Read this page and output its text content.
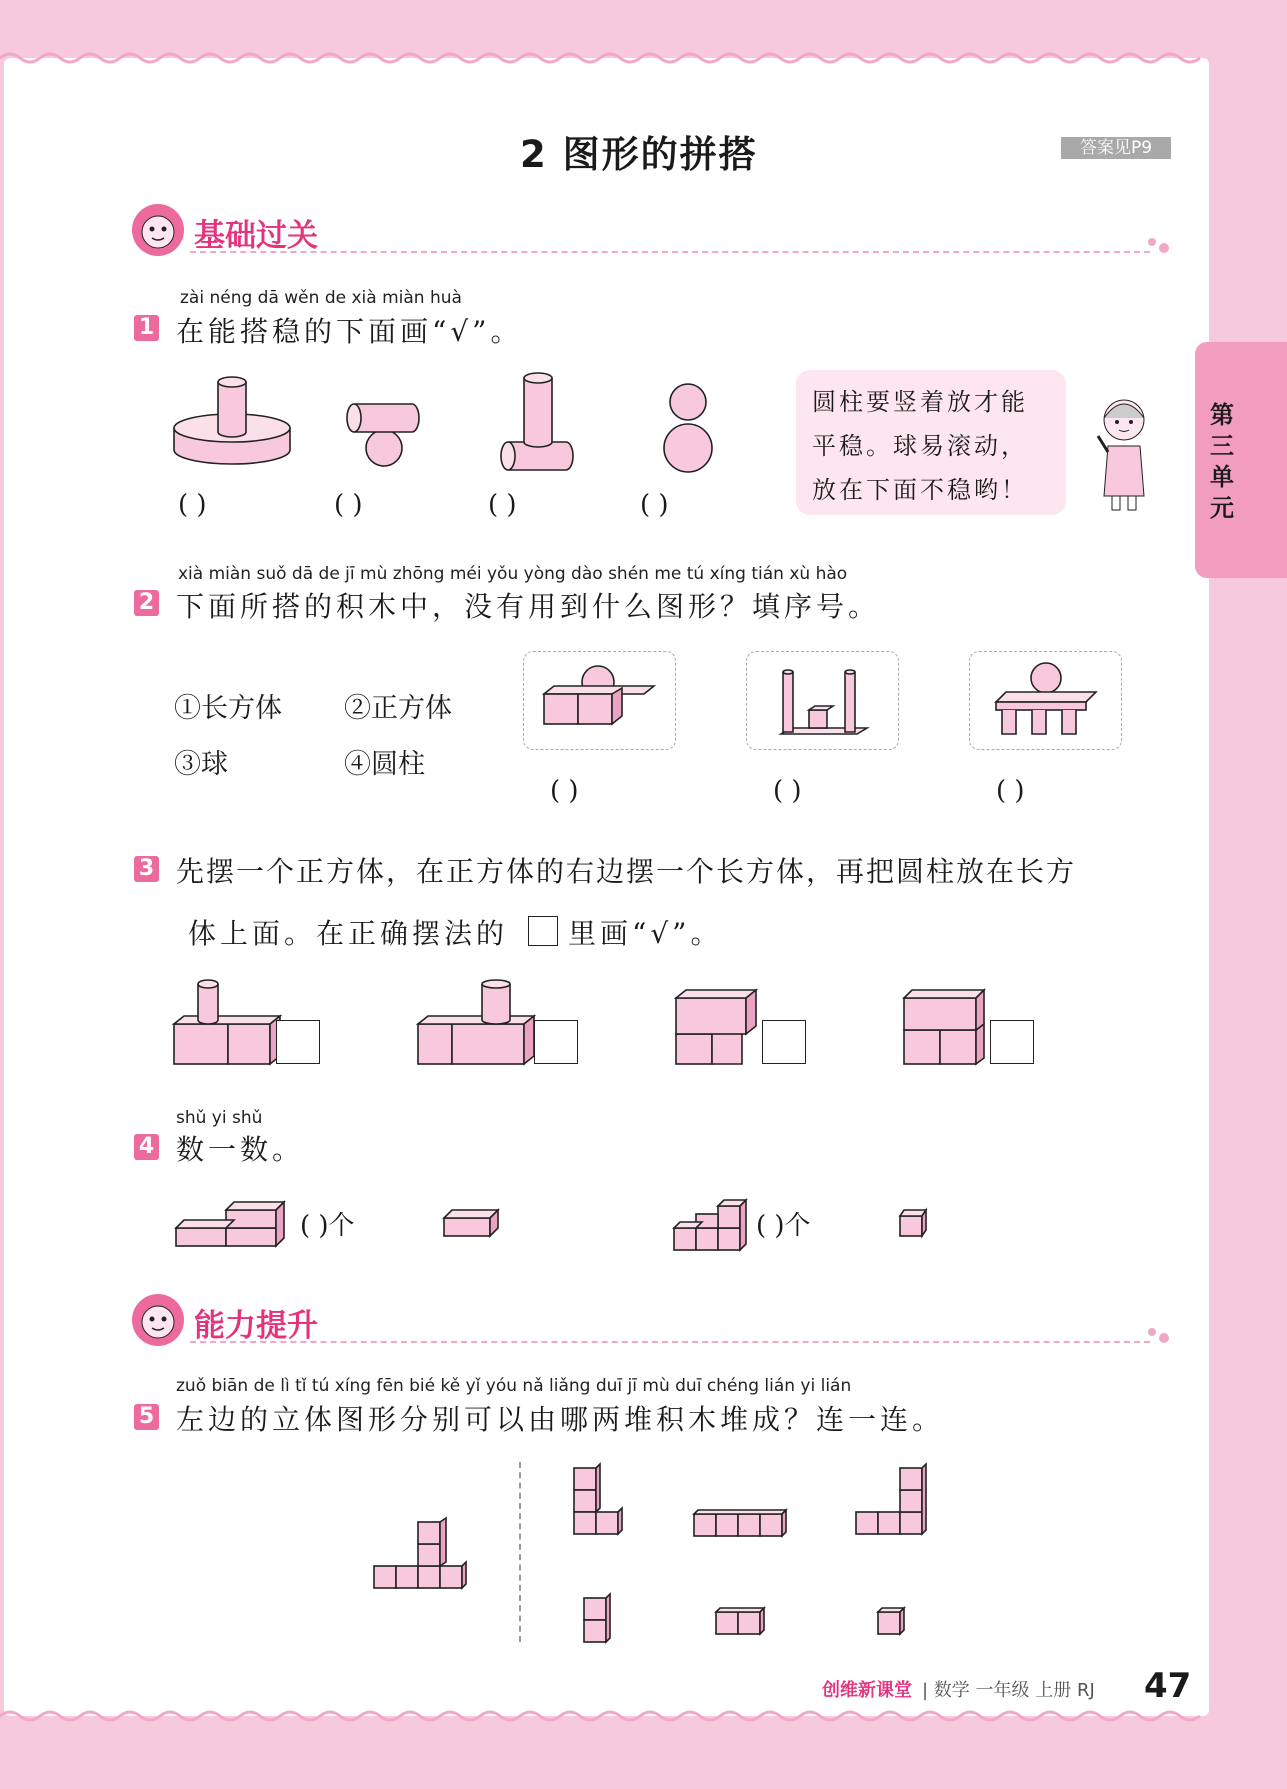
第三单元
2 图形的拼搭	答案见P9
基础过关
zài néng dā wěn de xià miàn huà
1 在能搭稳的下面画“√”。
( )	( )	( )	( )
圆柱要竖着放才能
平稳。球易滚动，
放在下面不稳哟！
xià miàn suǒ dā de jī mù zhōng méi yǒu yòng dào shén me tú xíng tián xù hào
2 下面所搭的积木中，没有用到什么图形？填序号。
①长方体 ②正方体
③球	④圆柱
( )	( )	( )
3 先摆一个正方体，在正方体的右边摆一个长方体，再把圆柱放在长方
体上面。在正确摆法的 里画“√”。
shǔ yi shǔ
4 数一数。
( )个	( )个
能力提升
zuǒ biān de lì tǐ tú xíng fēn bié kě yǐ yóu nǎ liǎng duī jī mù duī chéng lián yi lián
5 左边的立体图形分别可以由哪两堆积木堆成？连一连。
创维新课堂 | 数学 一年级 上册 RJ 47
